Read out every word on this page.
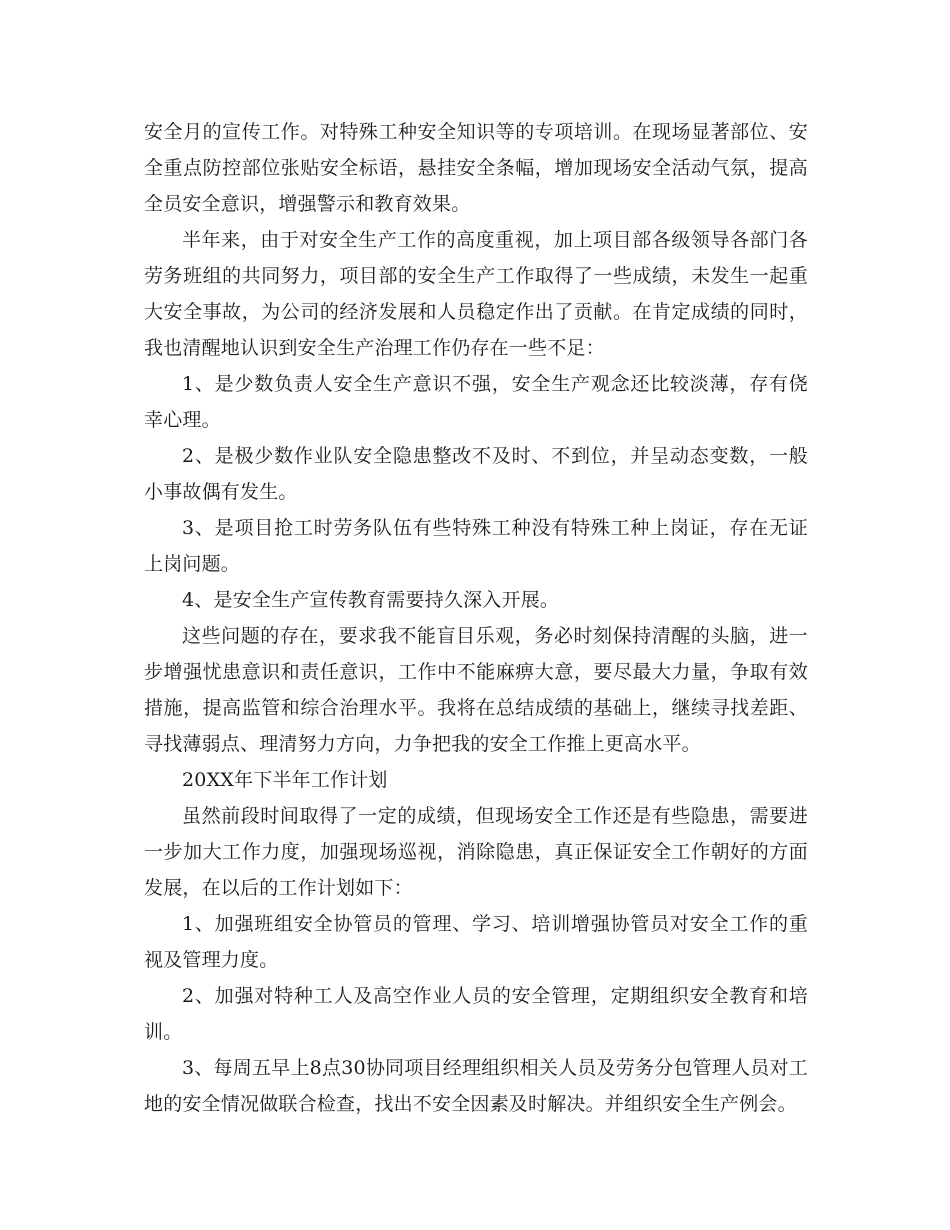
安全月的宣传工作。对特殊工种安全知识等的专项培训。在现场显著部位、安全重点防控部位张贴安全标语，悬挂安全条幅，增加现场安全活动气氛，提高全员安全意识，增强警示和教育效果。

半年来，由于对安全生产工作的高度重视，加上项目部各级领导各部门各劳务班组的共同努力，项目部的安全生产工作取得了一些成绩，未发生一起重大安全事故，为公司的经济发展和人员稳定作出了贡献。在肯定成绩的同时，我也清醒地认识到安全生产治理工作仍存在一些不足：

1、是少数负责人安全生产意识不强，安全生产观念还比较淡薄，存有侥幸心理。

2、是极少数作业队安全隐患整改不及时、不到位，并呈动态变数，一般小事故偶有发生。

3、是项目抢工时劳务队伍有些特殊工种没有特殊工种上岗证，存在无证上岗问题。

4、是安全生产宣传教育需要持久深入开展。

这些问题的存在，要求我不能盲目乐观，务必时刻保持清醒的头脑，进一步增强忧患意识和责任意识，工作中不能麻痹大意，要尽最大力量，争取有效措施，提高监管和综合治理水平。我将在总结成绩的基础上，继续寻找差距、寻找薄弱点、理清努力方向，力争把我的安全工作推上更高水平。

20XX年下半年工作计划

虽然前段时间取得了一定的成绩，但现场安全工作还是有些隐患，需要进一步加大工作力度，加强现场巡视，消除隐患，真正保证安全工作朝好的方面发展，在以后的工作计划如下：

1、加强班组安全协管员的管理、学习、培训增强协管员对安全工作的重视及管理力度。

2、加强对特种工人及高空作业人员的安全管理，定期组织安全教育和培训。

3、每周五早上8点30协同项目经理组织相关人员及劳务分包管理人员对工地的安全情况做联合检查，找出不安全因素及时解决。并组织安全生产例会。
